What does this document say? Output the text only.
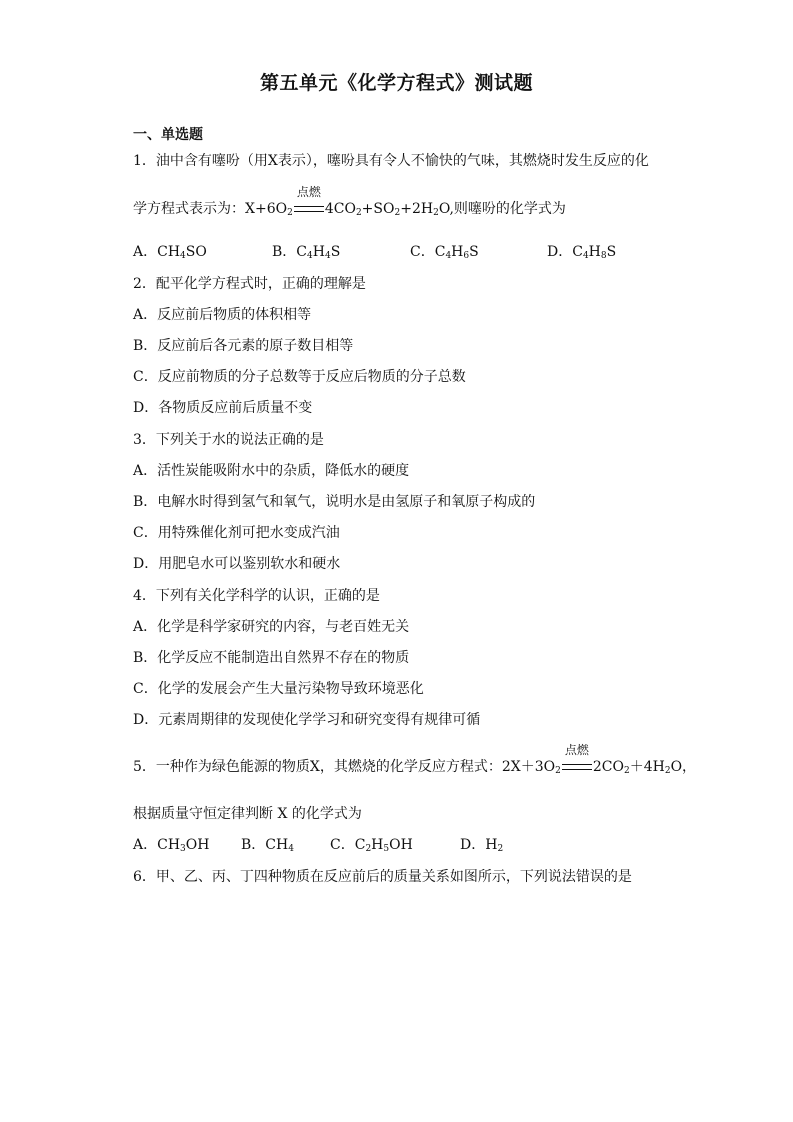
第五单元《化学方程式》测试题
一、单选题
1．油中含有噻吩（用X表示），噻吩具有令人不愉快的气味，其燃烧时发生反应的化
学方程式表示为：$X+6O_2$
点燃
$4CO_2+SO_2+2H_2O$,则噻吩的化学式为
A．$CH_4SO$	B．$C_4H_4S$	C．$C_4H_6S$	D．$C_4H_8S$
2．配平化学方程式时，正确的理解是
A．反应前后物质的体积相等
B．反应前后各元素的原子数目相等
C．反应前物质的分子总数等于反应后物质的分子总数
D．各物质反应前后质量不变
3．下列关于水的说法正确的是
A．活性炭能吸附水中的杂质，降低水的硬度
B．电解水时得到氢气和氧气，说明水是由氢原子和氧原子构成的
C．用特殊催化剂可把水变成汽油
D．用肥皂水可以鉴别软水和硬水
4．下列有关化学科学的认识，正确的是
A．化学是科学家研究的内容，与老百姓无关
B．化学反应不能制造出自然界不存在的物质
C．化学的发展会产生大量污染物导致环境恶化
D．元素周期律的发现使化学学习和研究变得有规律可循
5．一种作为绿色能源的物质X，其燃烧的化学反应方程式：$2X+3O_2$
点燃
$2CO_2+4H_2O$，
根据质量守恒定律判断 X 的化学式为
A．$CH_3OH$ B．$CH_4$	C．$C_2H_5OH$	D．$H_2$
6．甲、乙、丙、丁四种物质在反应前后的质量关系如图所示，下列说法错误的是
